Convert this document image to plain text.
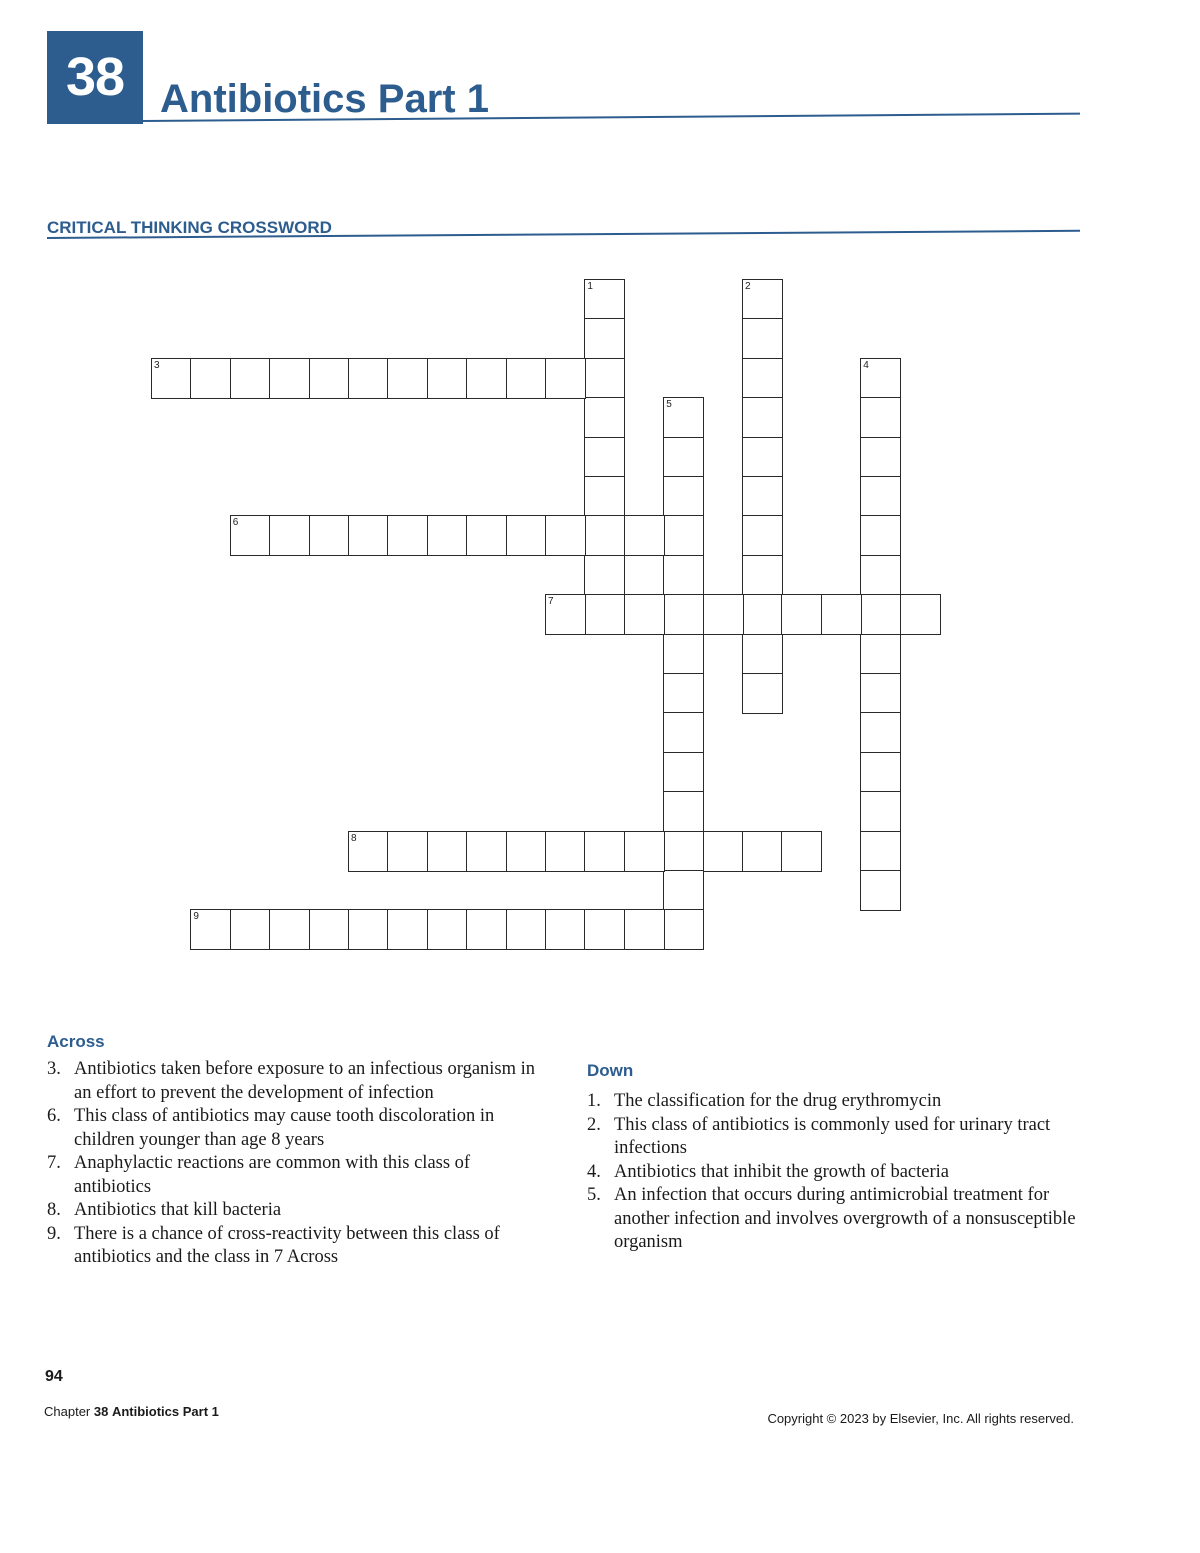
38 Antibiotics Part 1
CRITICAL THINKING CROSSWORD
1	2
3	4
5
6
7
8
9
Across
3. Antibiotics taken before exposure to an infectious organism in an effort to prevent the development of infection
6. This class of antibiotics may cause tooth discoloration in children younger than age 8 years
7. Anaphylactic reactions are common with this class of antibiotics
8. Antibiotics that kill bacteria
9. There is a chance of cross-reactivity between this class of antibiotics and the class in 7 Across
Down
1. The classification for the drug erythromycin
2. This class of antibiotics is commonly used for urinary tract infections
4. Antibiotics that inhibit the growth of bacteria
5. An infection that occurs during antimicrobial treatment for another infection and involves overgrowth of a nonsusceptible organism
94
Chapter 38 Antibiotics Part 1	Copyright © 2023 by Elsevier, Inc. All rights reserved.
